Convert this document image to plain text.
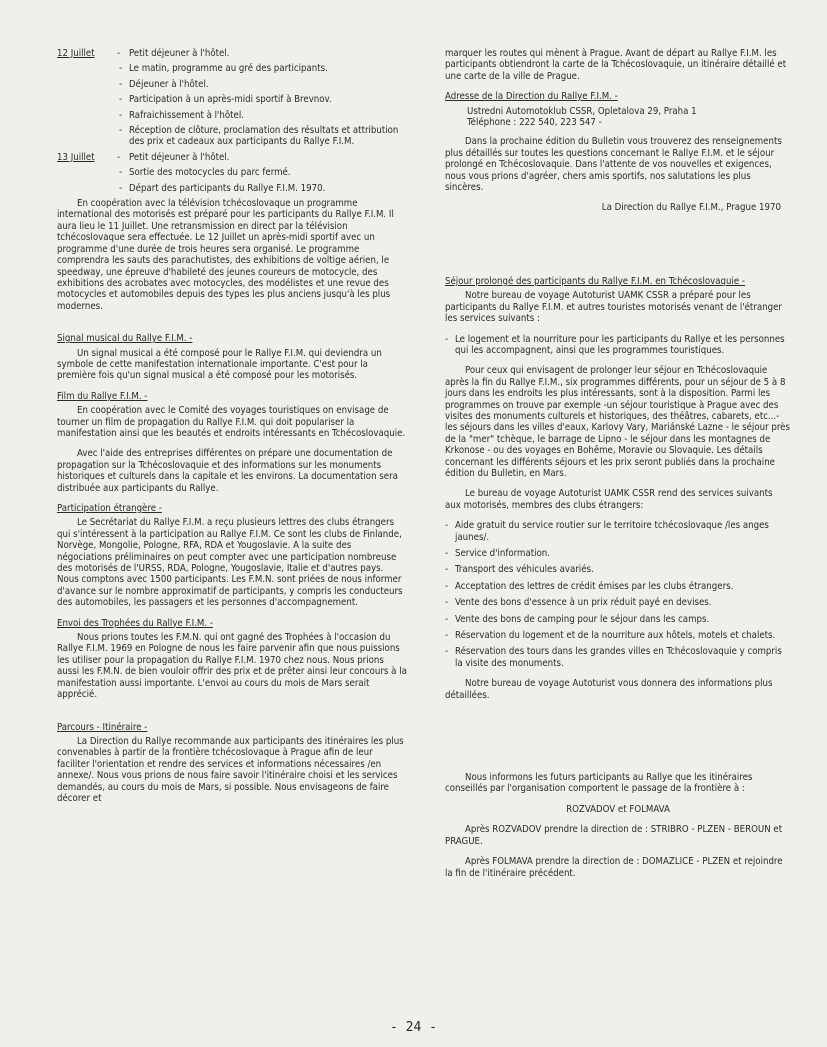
12 Juillet	- Petit déjeuner à l'hôtel.
- Le matin, programme au gré des participants.
- Déjeuner à l'hôtel.
- Participation à un après-midi sportif à Brevnov.
- Rafraichissement à l'hôtel.
- Réception de clôture, proclamation des résultats et attribution des prix et cadeaux aux participants du Rallye F.I.M.
13 Juillet	- Petit déjeuner à l'hôtel.
- Sortie des motocycles du parc fermé.
- Départ des participants du Rallye F.I.M. 1970.

En coopération avec la télévision tchécoslovaque un programme international des motorisés est préparé pour les participants du Rallye F.I.M. Il aura lieu le 11 Juillet. Une retransmission en direct par la télévision tchécoslovaque sera effectuée. Le 12 Juillet un après-midi sportif avec un programme d'une durée de trois heures sera organisé. Le programme comprendra les sauts des parachutistes, des exhibitions de voltige aérien, le speedway, une épreuve d'habileté des jeunes coureurs de motocycle, des exhibitions des acrobates avec motocycles, des modélistes et une revue des motocycles et automobiles depuis des types les plus anciens jusqu'à les plus modernes.

Signal musical du Rallye F.I.M. -

Un signal musical a été composé pour le Rallye F.I.M. qui deviendra un symbole de cette manifestation internationale importante. C'est pour la première fois qu'un signal musical a été composé pour les motorisés.

Film du Rallye F.I.M. -

En coopération avec le Comité des voyages touristiques on envisage de tourner un film de propagation du Rallye F.I.M. qui doit populariser la manifestation ainsi que les beautés et endroits intéressants en Tchécoslovaquie.

Avec l'aide des entreprises différentes on prépare une documentation de propagation sur la Tchécoslovaquie et des informations sur les monuments historiques et culturels dans la capitale et les environs. La documentation sera distribuée aux participants du Rallye.

Participation étrangère -

Le Secrétariat du Rallye F.I.M. a reçu plusieurs lettres des clubs étrangers qui s'intéressent à la participation au Rallye F.I.M. Ce sont les clubs de Finlande, Norvège, Mongolie, Pologne, RFA, RDA et Yougoslavie. A la suite des négociations préliminaires on peut compter avec une participation nombreuse des motorisés de l'URSS, RDA, Pologne, Yougoslavie, Italie et d'autres pays. Nous comptons avec 1500 participants. Les F.M.N. sont priées de nous informer d'avance sur le nombre approximatif de participants, y compris les conducteurs des automobiles, les passagers et les personnes d'accompagnement.

Envoi des Trophées du Rallye F.I.M. -

Nous prions toutes les F.M.N. qui ont gagné des Trophées à l'occasion du Rallye F.I.M. 1969 en Pologne de nous les faire parvenir afin que nous puissions les utiliser pour la propagation du Rallye F.I.M. 1970 chez nous. Nous prions aussi les F.M.N. de bien vouloir offrir des prix et de prêter ainsi leur concours à la manifestation aussi importante. L'envoi au cours du mois de Mars serait apprécié.

Parcours - Itinéraire -

La Direction du Rallye recommande aux participants des itinéraires les plus convenables à partir de la frontière tchécoslovaque à Prague afin de leur faciliter l'orientation et rendre des services et informations nécessaires /en annexe/. Nous vous prions de nous faire savoir l'itinéraire choisi et les services demandés, au cours du mois de Mars, si possible. Nous envisageons de faire décorer et

marquer les routes qui mènent à Prague. Avant de départ au Rallye F.I.M. les participants obtiendront la carte de la Tchécoslovaquie, un itinéraire détaillé et une carte de la ville de Prague.

Adresse de la Direction du Rallye F.I.M. -

Ustredni Automotoklub CSSR, Opletalova 29, Praha 1
Téléphone : 222 540, 223 547 -

Dans la prochaine édition du Bulletin vous trouverez des renseignements plus détaillés sur toutes les questions concernant le Rallye F.I.M. et le séjour prolongé en Tchécoslovaquie. Dans l'attente de vos nouvelles et exigences, nous vous prions d'agréer, chers amis sportifs, nos salutations les plus sincères.

La Direction du Rallye F.I.M., Prague 1970

Séjour prolongé des participants du Rallye F.I.M. en Tchécoslovaquie -

Notre bureau de voyage Autoturist UAMK CSSR a préparé pour les participants du Rallye F.I.M. et autres touristes motorisés venant de l'étranger les services suivants :

- Le logement et la nourriture pour les participants du Rallye et les personnes qui les accompagnent, ainsi que les programmes touristiques.

Pour ceux qui envisagent de prolonger leur séjour en Tchécoslovaquie après la fin du Rallye F.I.M., six programmes différents, pour un séjour de 5 à 8 jours dans les endroits les plus intéressants, sont à la disposition. Parmi les programmes on trouve par exemple -un séjour touristique à Prague avec des visites des monuments culturels et historiques, des théâtres, cabarets, etc...- les séjours dans les villes d'eaux, Karlovy Vary, Mariánské Lazne - le séjour près de la "mer" tchèque, le barrage de Lipno - le séjour dans les montagnes de Krkonose - ou des voyages en Bohême, Moravie ou Slovaquie. Les détails concernant les différents séjours et les prix seront publiés dans la prochaine édition du Bulletin, en Mars.

Le bureau de voyage Autoturist UAMK CSSR rend des services suivants aux motorisés, membres des clubs étrangers:

- Aide gratuit du service routier sur le territoire tchécoslovaque /les anges jaunes/.
- Service d'information.
- Transport des véhicules avariés.
- Acceptation des lettres de crédit émises par les clubs étrangers.
- Vente des bons d'essence à un prix réduit payé en devises.
- Vente des bons de camping pour le séjour dans les camps.
- Réservation du logement et de la nourriture aux hôtels, motels et chalets.
- Réservation des tours dans les grandes villes en Tchécoslovaquie y compris la visite des monuments.

Notre bureau de voyage Autoturist vous donnera des informations plus détaillées.

Nous informons les futurs participants au Rallye que les itinéraires conseillés par l'organisation comportent le passage de la frontière à :

ROZVADOV et FOLMAVA

Après ROZVADOV prendre la direction de : STRIBRO - PLZEN - BEROUN et PRAGUE.

Après FOLMAVA prendre la direction de : DOMAZLICE - PLZEN et rejoindre la fin de l'itinéraire précédent.

- 24 -
